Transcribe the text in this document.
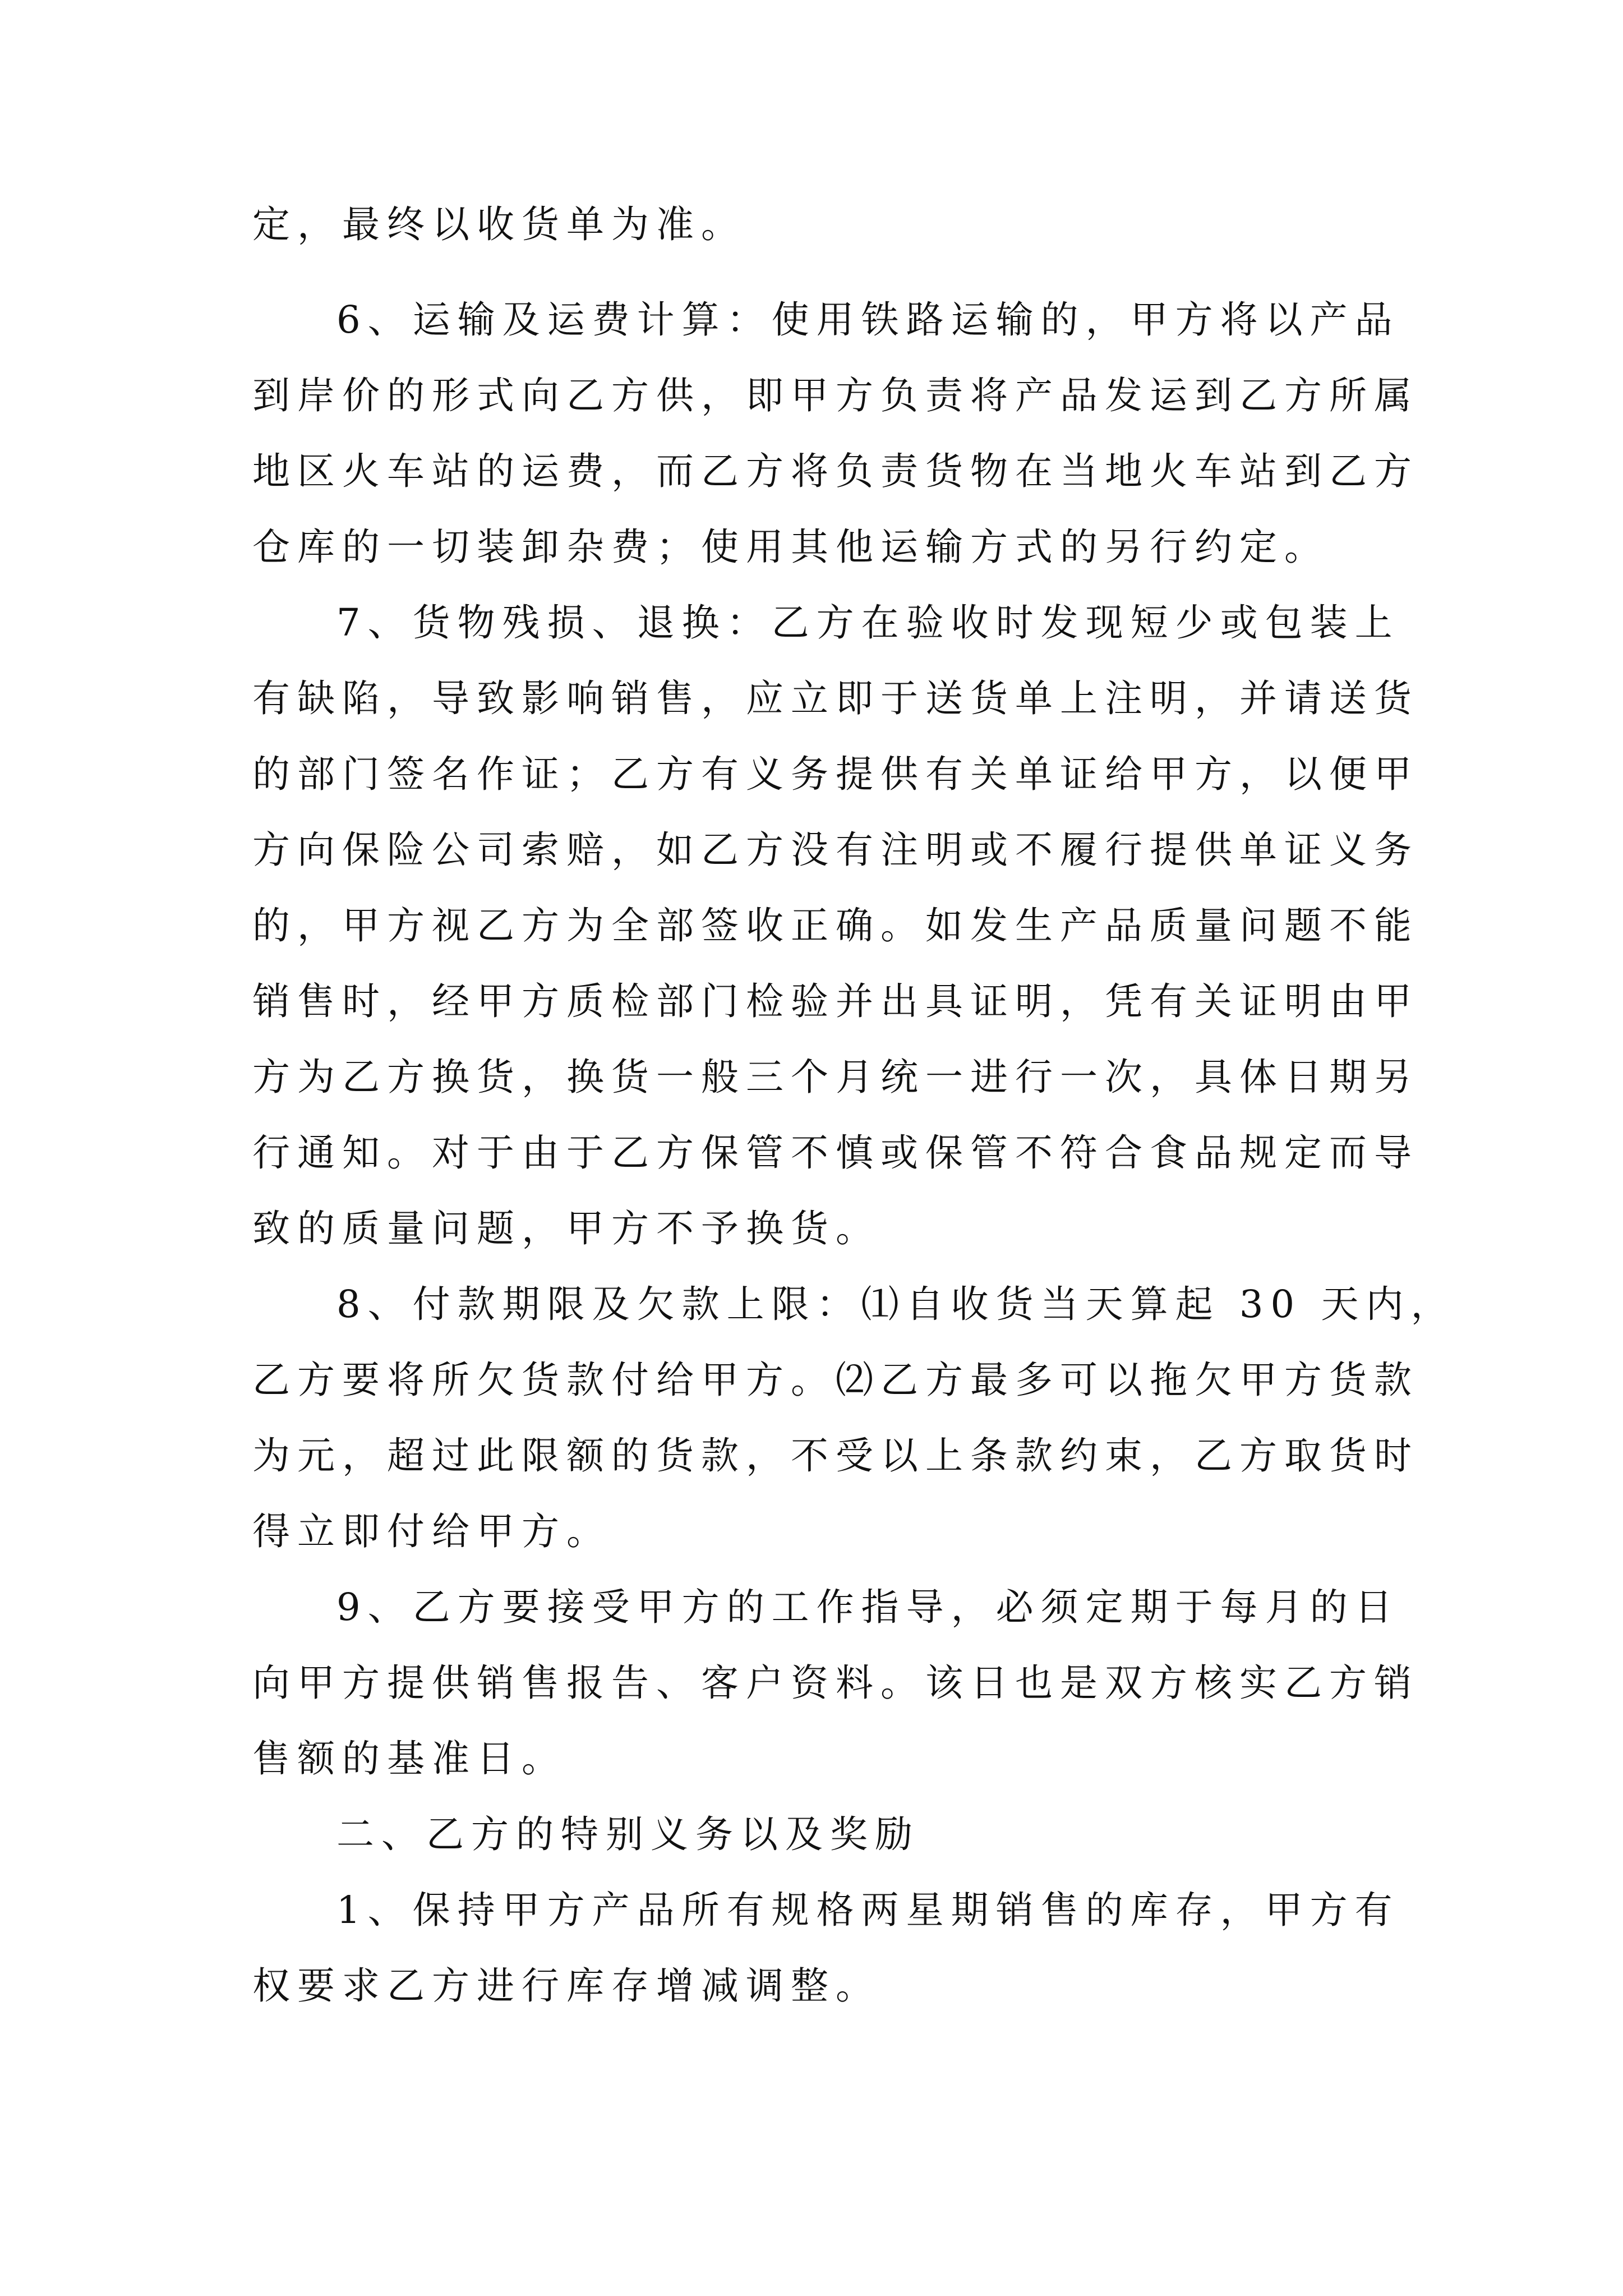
定，最终以收货单为准。
6、运输及运费计算：使用铁路运输的，甲方将以产品
到岸价的形式向乙方供，即甲方负责将产品发运到乙方所属
地区火车站的运费，而乙方将负责货物在当地火车站到乙方
仓库的一切装卸杂费；使用其他运输方式的另行约定。
7、货物残损、退换：乙方在验收时发现短少或包装上
有缺陷，导致影响销售，应立即于送货单上注明，并请送货
的部门签名作证；乙方有义务提供有关单证给甲方，以便甲
方向保险公司索赔，如乙方没有注明或不履行提供单证义务
的，甲方视乙方为全部签收正确。如发生产品质量问题不能
销售时，经甲方质检部门检验并出具证明，凭有关证明由甲
方为乙方换货，换货一般三个月统一进行一次，具体日期另
行通知。对于由于乙方保管不慎或保管不符合食品规定而导
致的质量问题，甲方不予换货。
8、付款期限及欠款上限：⑴自收货当天算起 30 天内，
乙方要将所欠货款付给甲方。⑵乙方最多可以拖欠甲方货款
为元，超过此限额的货款，不受以上条款约束，乙方取货时
得立即付给甲方。
9、乙方要接受甲方的工作指导，必须定期于每月的日
向甲方提供销售报告、客户资料。该日也是双方核实乙方销
售额的基准日。
二、乙方的特别义务以及奖励
1、保持甲方产品所有规格两星期销售的库存，甲方有
权要求乙方进行库存增减调整。
